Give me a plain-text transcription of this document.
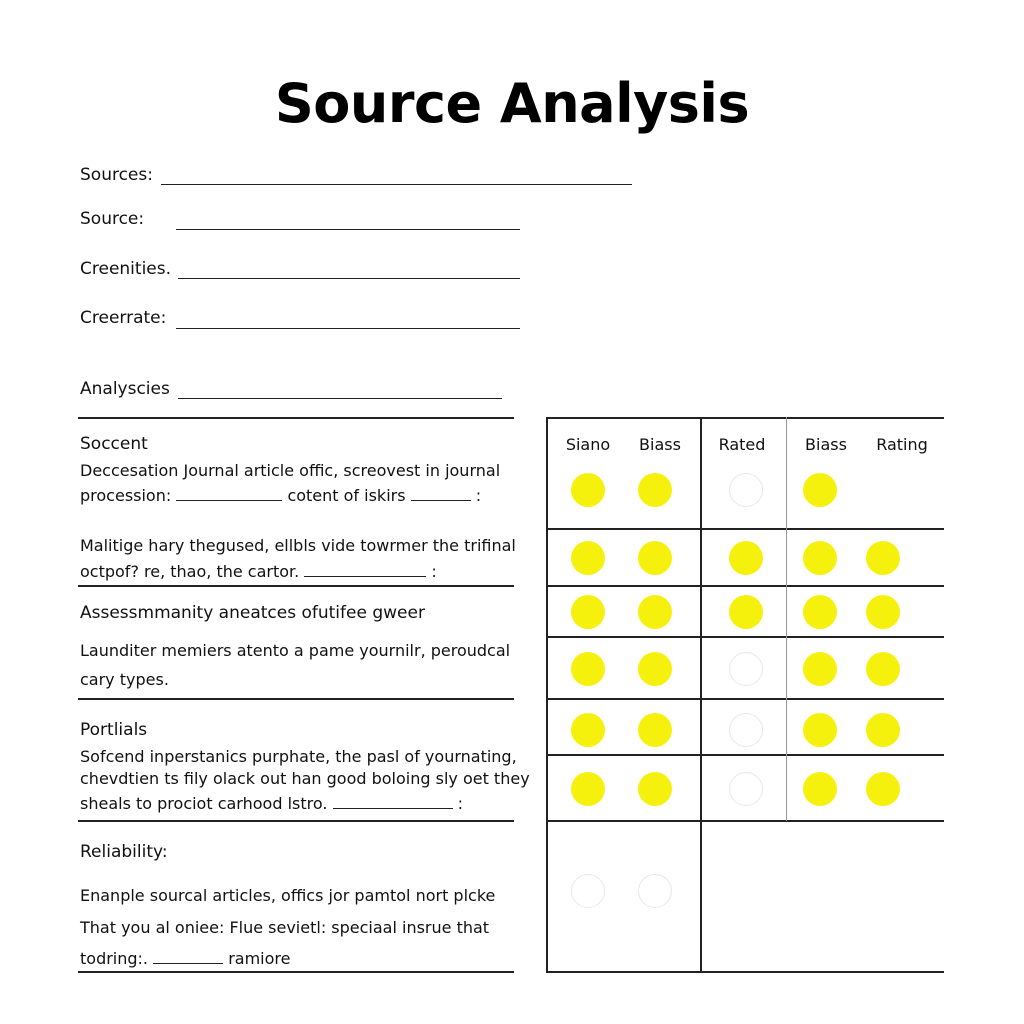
Source Analysis
Sources:
Source:
Creenities.
Creerrate:
Analyscies
Soccent
Deccesation Journal article offic, screovest in journal
procession:	cotent of iskirs	:
Malitige hary thegused, ellbls vide towrmer the trifinal
octpof? re, thao, the cartor.	:
Assessmmanity aneatces ofutifee gweer
Launditer memiers atento a pame yournilr, peroudcal
cary types.
Portlials
Sofcend inperstanics purphate, the pasl of yournating,
chevdtien ts fily olack out han good boloing sly oet they
sheals to prociot carhood lstro.	:
Reliability:
Enanple sourcal articles, offics jor pamtol nort plcke
That you al oniee: Flue sevietl: speciaal insrue that
todring:.	ramiore
Siano	Biass	Rated	Biass	Rating
